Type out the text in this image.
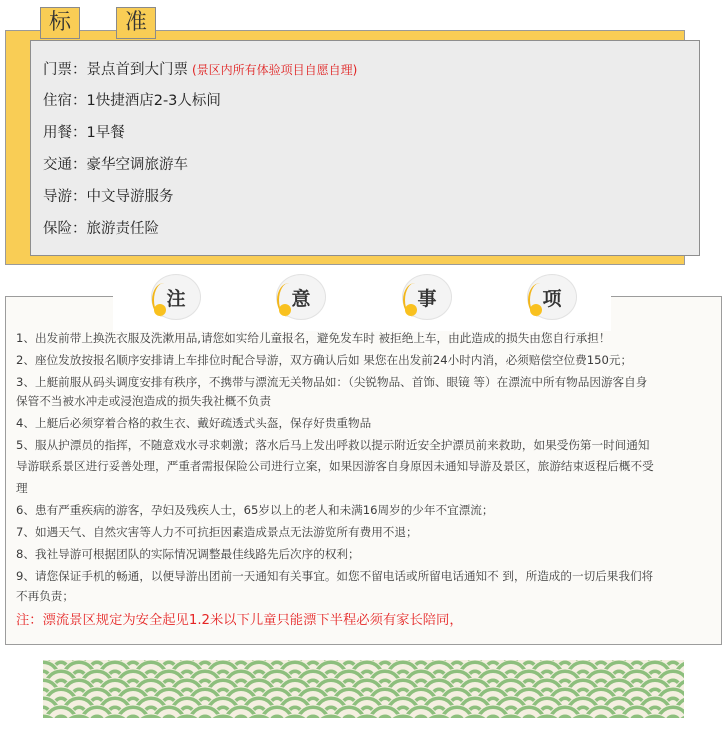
标	准
门票：景点首到大门票 (景区内所有体验项目自愿自理)
住宿：1快捷酒店2-3人标间
用餐：1早餐
交通：豪华空调旅游车
导游：中文导游服务
保险：旅游责任险
注	意	事	项
1、出发前带上换洗衣服及洗漱用品,请您如实给儿童报名，避免发车时 被拒绝上车，由此造成的损失由您自行承担！
2、座位发放按报名顺序安排请上车排位时配合导游，双方确认后如 果您在出发前24小时内消，必须赔偿空位费150元；
3、上艇前服从码头调度安排有秩序，不携带与漂流无关物品如：（尖锐物品、首饰、眼镜 等）在漂流中所有物品因游客自身
保管不当被水冲走或浸泡造成的损失我社概不负责
4、上艇后必须穿着合格的救生衣、戴好疏透式头盔，保存好贵重物品
5、服从护漂员的指挥，不随意戏水寻求刺激；落水后马上发出呼救以提示附近安全护漂员前来救助，如果受伤第一时间通知
导游联系景区进行妥善处理，严重者需报保险公司进行立案，如果因游客自身原因未通知导游及景区，旅游结束返程后概不受
理
6、患有严重疾病的游客，孕妇及残疾人士，65岁以上的老人和未满16周岁的少年不宜漂流；
7、如遇天气、自然灾害等人力不可抗拒因素造成景点无法游览所有费用不退；
8、我社导游可根据团队的实际情况调整最佳线路先后次序的权利；
9、请您保证手机的畅通，以便导游出团前一天通知有关事宜。如您不留电话或所留电话通知不 到，所造成的一切后果我们将
不再负责；
注：漂流景区规定为安全起见1.2米以下儿童只能漂下半程必须有家长陪同，
